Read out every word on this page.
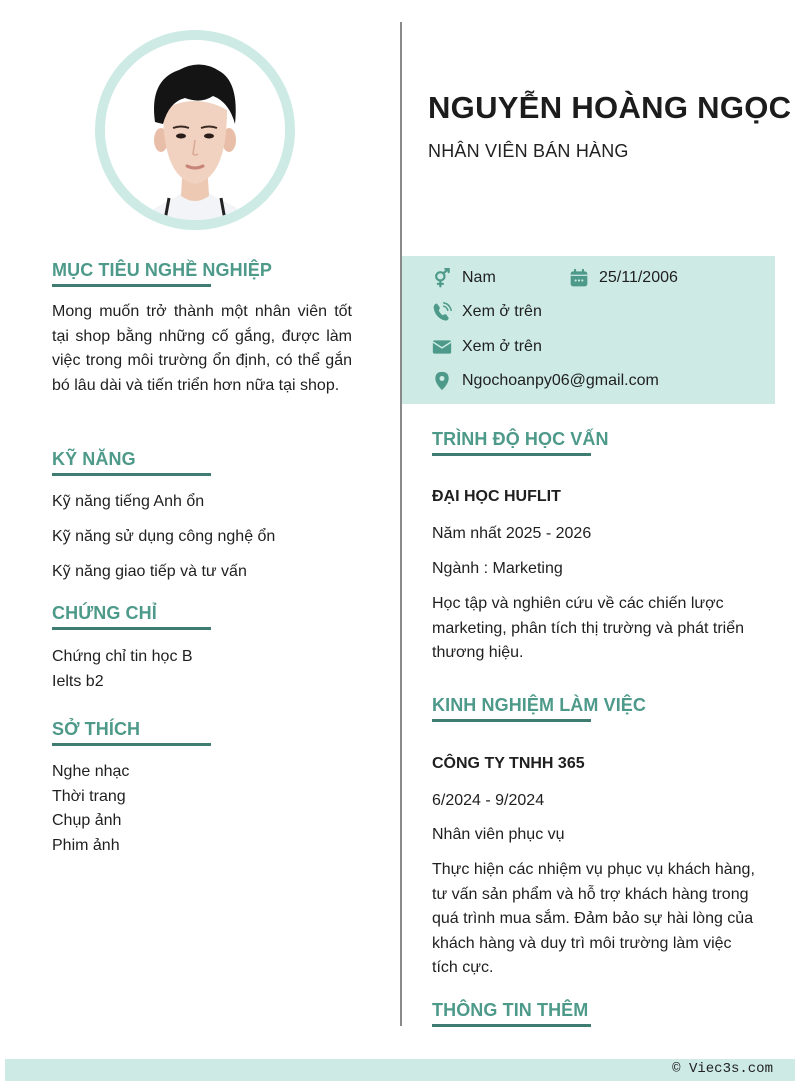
NGUYỄN HOÀNG NGỌC
NHÂN VIÊN BÁN HÀNG
Nam	25/11/2006
Xem ở trên
Xem ở trên
Ngochoanpy06@gmail.com
MỤC TIÊU NGHỀ NGHIỆP
Mong muốn trở thành một nhân viên tốt tại shop bằng những cố gắng, được làm việc trong môi trường ổn định, có thể gắn bó lâu dài và tiến triển hơn nữa tại shop.
KỸ NĂNG
Kỹ năng tiếng Anh ổn
Kỹ năng sử dụng công nghệ ổn
Kỹ năng giao tiếp và tư vấn
CHỨNG CHỈ
Chứng chỉ tin học B
Ielts b2
SỞ THÍCH
Nghe nhạc
Thời trang
Chụp ảnh
Phim ảnh
TRÌNH ĐỘ HỌC VẤN
ĐẠI HỌC HUFLIT
Năm nhất 2025 - 2026
Ngành : Marketing
Học tập và nghiên cứu về các chiến lược marketing, phân tích thị trường và phát triển thương hiệu.
KINH NGHIỆM LÀM VIỆC
CÔNG TY TNHH 365
6/2024 - 9/2024
Nhân viên phục vụ
Thực hiện các nhiệm vụ phục vụ khách hàng, tư vấn sản phẩm và hỗ trợ khách hàng trong quá trình mua sắm. Đảm bảo sự hài lòng của khách hàng và duy trì môi trường làm việc tích cực.
THÔNG TIN THÊM
© Viec3s.com
